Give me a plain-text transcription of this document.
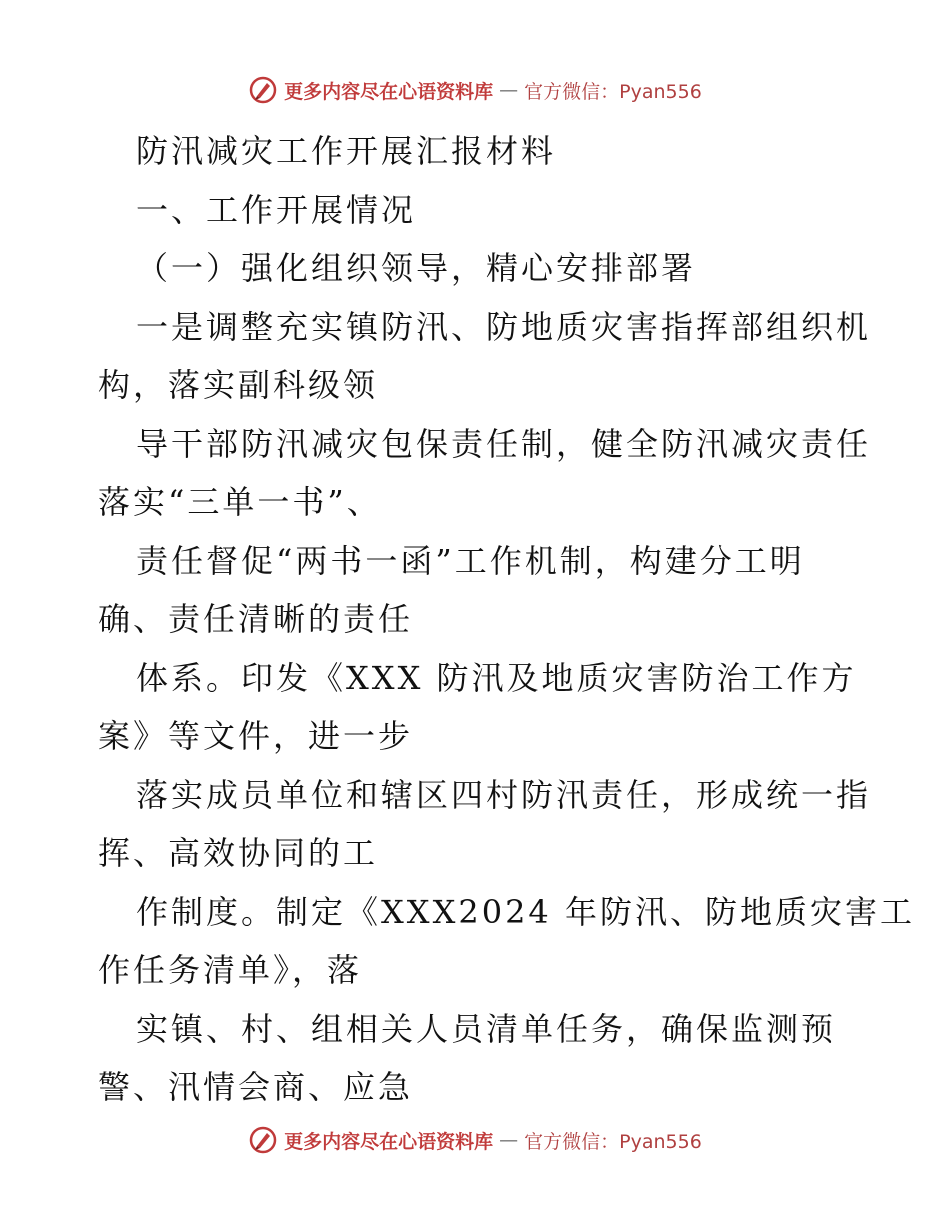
更多内容尽在心语资料库 — 官方微信：Pyan556
防汛减灾工作开展汇报材料
一、工作开展情况
（一）强化组织领导，精心安排部署
一是调整充实镇防汛、防地质灾害指挥部组织机
构，落实副科级领
导干部防汛减灾包保责任制，健全防汛减灾责任
落实“三单一书”、
责任督促“两书一函”工作机制，构建分工明
确、责任清晰的责任
体系。印发《XXX 防汛及地质灾害防治工作方
案》等文件，进一步
落实成员单位和辖区四村防汛责任，形成统一指
挥、高效协同的工
作制度。制定《XXX2024 年防汛、防地质灾害工
作任务清单》，落
实镇、村、组相关人员清单任务，确保监测预
警、汛情会商、应急
更多内容尽在心语资料库 — 官方微信：Pyan556
